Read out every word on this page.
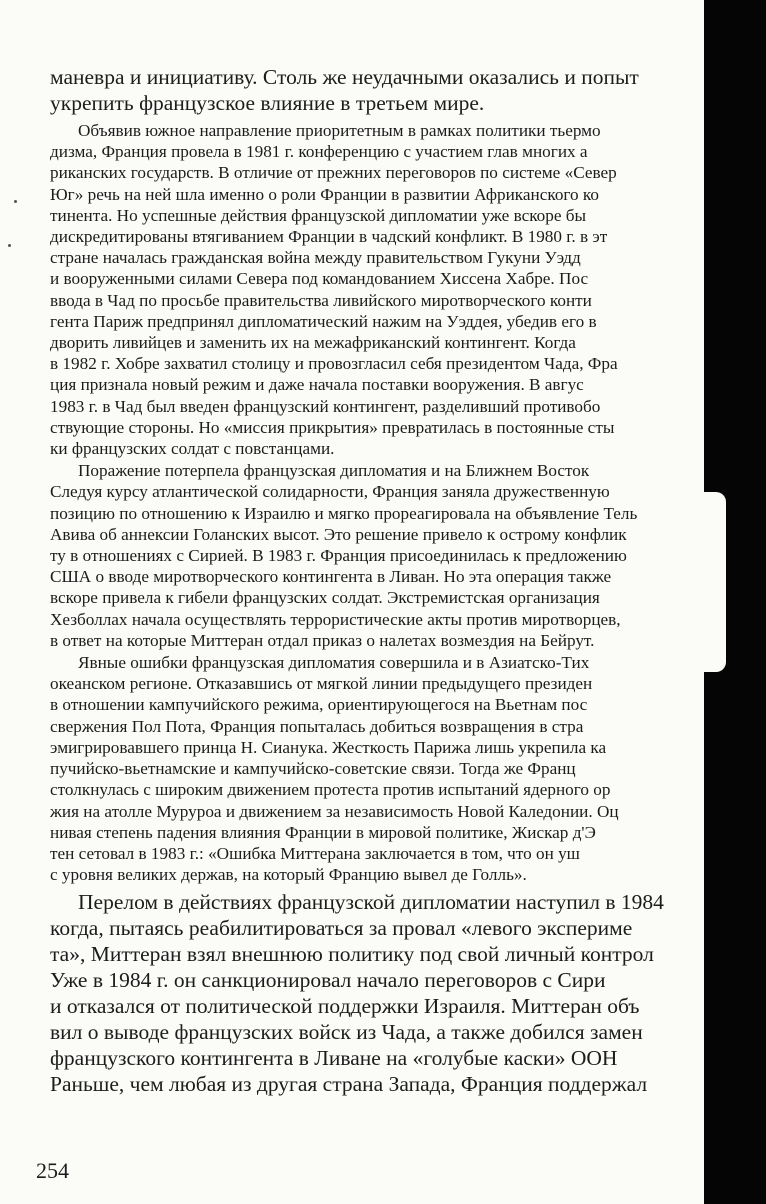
маневра и инициативу. Столь же неудачными оказались и попыт
укрепить французское влияние в третьем мире.
Объявив южное направление приоритетным в рамках политики тьермо
дизма, Франция провела в 1981 г. конференцию с участием глав многих а
риканских государств. В отличие от прежних переговоров по системе «Север
Юг» речь на ней шла именно о роли Франции в развитии Африканского ко
тинента. Но успешные действия французской дипломатии уже вскоре бы
дискредитированы втягиванием Франции в чадский конфликт. В 1980 г. в эт
стране началась гражданская война между правительством Гукуни Уэдд
и вооруженными силами Севера под командованием Хиссена Хабре. Пос
ввода в Чад по просьбе правительства ливийского миротворческого конти
гента Париж предпринял дипломатический нажим на Уэддея, убедив его в
дворить ливийцев и заменить их на межафриканский контингент. Когда
в 1982 г. Хобре захватил столицу и провозгласил себя президентом Чада, Фра
ция признала новый режим и даже начала поставки вооружения. В авгус
1983 г. в Чад был введен французский контингент, разделивший противобо
ствующие стороны. Но «миссия прикрытия» превратилась в постоянные сты
ки французских солдат с повстанцами.
Поражение потерпела французская дипломатия и на Ближнем Восток
Следуя курсу атлантической солидарности, Франция заняла дружественную
позицию по отношению к Израилю и мягко прореагировала на объявление Тель
Авива об аннексии Голанских высот. Это решение привело к острому конфлик
ту в отношениях с Сирией. В 1983 г. Франция присоединилась к предложению
США о вводе миротворческого контингента в Ливан. Но эта операция также
вскоре привела к гибели французских солдат. Экстремистская организация
Хезболлах начала осуществлять террористические акты против миротворцев,
в ответ на которые Миттеран отдал приказ о налетах возмездия на Бейрут.
Явные ошибки французская дипломатия совершила и в Азиатско-Тих
океанском регионе. Отказавшись от мягкой линии предыдущего президен
в отношении кампучийского режима, ориентирующегося на Вьетнам пос
свержения Пол Пота, Франция попыталась добиться возвращения в стра
эмигрировавшего принца Н. Сианука. Жесткость Парижа лишь укрепила ка
пучийско-вьетнамские и кампучийско-советские связи. Тогда же Франц
столкнулась с широким движением протеста против испытаний ядерного ор
жия на атолле Муруроа и движением за независимость Новой Каледонии. Оц
нивая степень падения влияния Франции в мировой политике, Жискар д'Э
тен сетовал в 1983 г.: «Ошибка Миттерана заключается в том, что он уш
с уровня великих держав, на который Францию вывел де Голль».
Перелом в действиях французской дипломатии наступил в 1984
когда, пытаясь реабилитироваться за провал «левого экспериме
та», Миттеран взял внешнюю политику под свой личный контрол
Уже в 1984 г. он санкционировал начало переговоров с Сири
и отказался от политической поддержки Израиля. Миттеран объ
вил о выводе французских войск из Чада, а также добился замен
французского контингента в Ливане на «голубые каски» ООН
Раньше, чем любая из другая страна Запада, Франция поддержал
254
